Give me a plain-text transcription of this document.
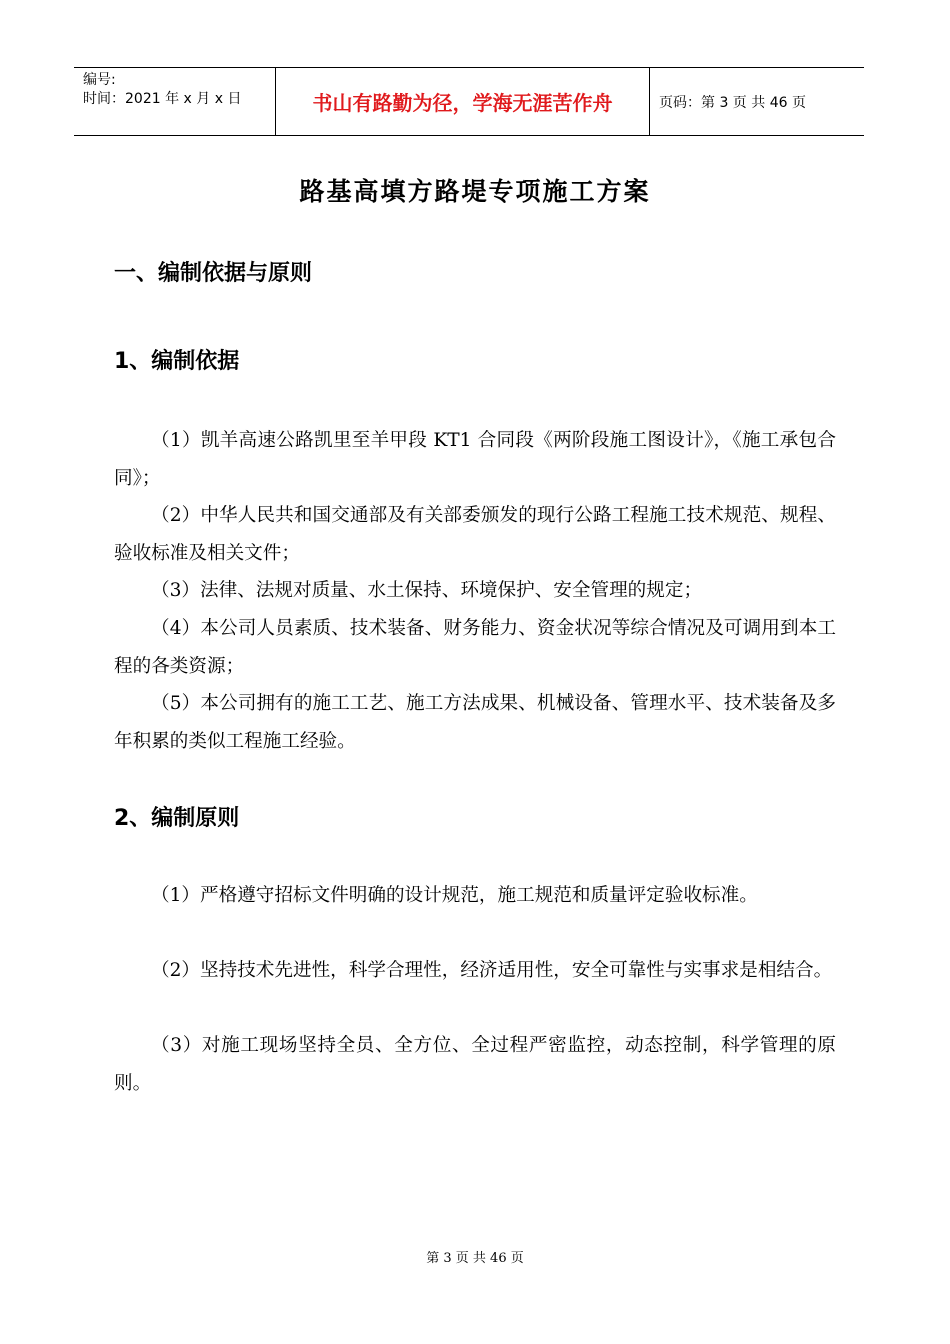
编号:
时间：2021 年 x 月 x 日	书山有路勤为径，学海无涯苦作舟	页码：第 3 页 共 46 页
路基高填方路堤专项施工方案
一、编制依据与原则
1、编制依据

（1）凯羊高速公路凯里至羊甲段 KT1 合同段《两阶段施工图设计》，《施工承包合同》；

（2）中华人民共和国交通部及有关部委颁发的现行公路工程施工技术规范、规程、验收标准及相关文件；

（3）法律、法规对质量、水土保持、环境保护、安全管理的规定；

（4）本公司人员素质、技术装备、财务能力、资金状况等综合情况及可调用到本工程的各类资源；

（5）本公司拥有的施工工艺、施工方法成果、机械设备、管理水平、技术装备及多年积累的类似工程施工经验。

2、编制原则

（1）严格遵守招标文件明确的设计规范，施工规范和质量评定验收标准。

（2）坚持技术先进性，科学合理性，经济适用性，安全可靠性与实事求是相结合。

（3）对施工现场坚持全员、全方位、全过程严密监控，动态控制，科学管理的原则。

第 3 页 共 46 页
